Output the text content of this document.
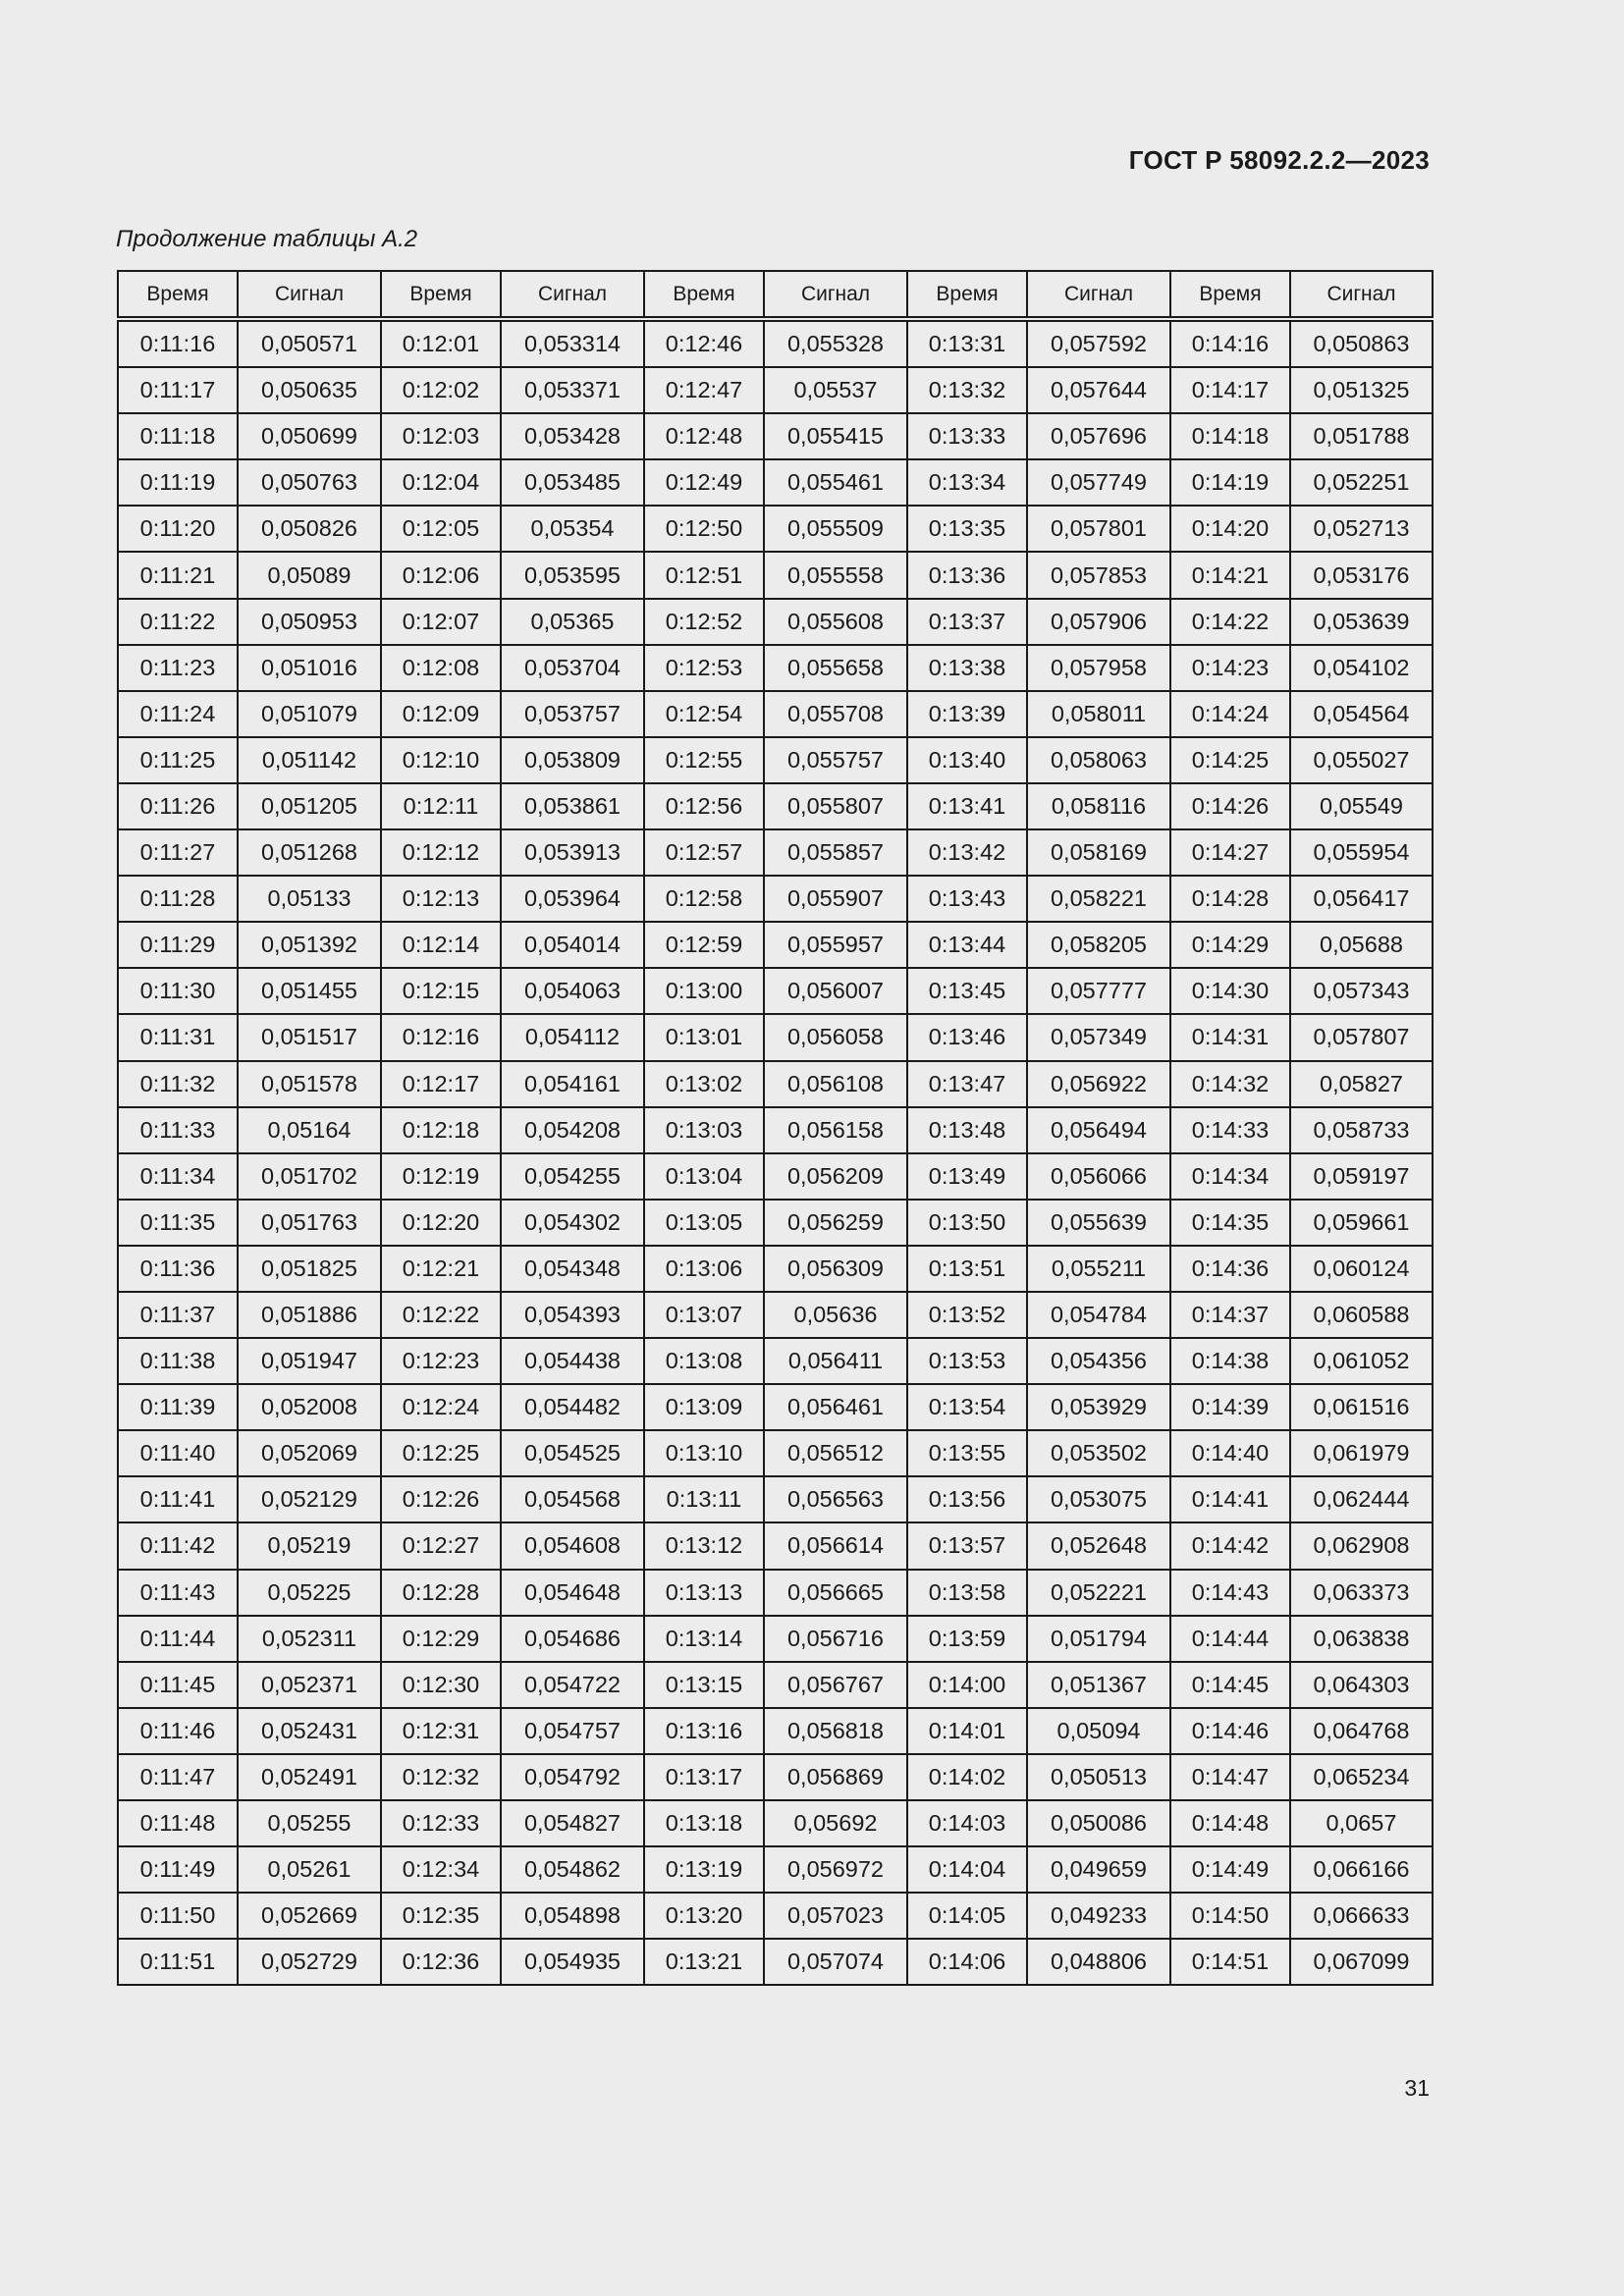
ГОСТ Р 58092.2.2—2023
Продолжение таблицы А.2
Время	Сигнал	Время	Сигнал	Время	Сигнал	Время	Сигнал	Время	Сигнал
0:11:16	0,050571	0:12:01	0,053314	0:12:46	0,055328	0:13:31	0,057592	0:14:16	0,050863
0:11:17	0,050635	0:12:02	0,053371	0:12:47	0,05537	0:13:32	0,057644	0:14:17	0,051325
0:11:18	0,050699	0:12:03	0,053428	0:12:48	0,055415	0:13:33	0,057696	0:14:18	0,051788
0:11:19	0,050763	0:12:04	0,053485	0:12:49	0,055461	0:13:34	0,057749	0:14:19	0,052251
0:11:20	0,050826	0:12:05	0,05354	0:12:50	0,055509	0:13:35	0,057801	0:14:20	0,052713
0:11:21	0,05089	0:12:06	0,053595	0:12:51	0,055558	0:13:36	0,057853	0:14:21	0,053176
0:11:22	0,050953	0:12:07	0,05365	0:12:52	0,055608	0:13:37	0,057906	0:14:22	0,053639
0:11:23	0,051016	0:12:08	0,053704	0:12:53	0,055658	0:13:38	0,057958	0:14:23	0,054102
0:11:24	0,051079	0:12:09	0,053757	0:12:54	0,055708	0:13:39	0,058011	0:14:24	0,054564
0:11:25	0,051142	0:12:10	0,053809	0:12:55	0,055757	0:13:40	0,058063	0:14:25	0,055027
0:11:26	0,051205	0:12:11	0,053861	0:12:56	0,055807	0:13:41	0,058116	0:14:26	0,05549
0:11:27	0,051268	0:12:12	0,053913	0:12:57	0,055857	0:13:42	0,058169	0:14:27	0,055954
0:11:28	0,05133	0:12:13	0,053964	0:12:58	0,055907	0:13:43	0,058221	0:14:28	0,056417
0:11:29	0,051392	0:12:14	0,054014	0:12:59	0,055957	0:13:44	0,058205	0:14:29	0,05688
0:11:30	0,051455	0:12:15	0,054063	0:13:00	0,056007	0:13:45	0,057777	0:14:30	0,057343
0:11:31	0,051517	0:12:16	0,054112	0:13:01	0,056058	0:13:46	0,057349	0:14:31	0,057807
0:11:32	0,051578	0:12:17	0,054161	0:13:02	0,056108	0:13:47	0,056922	0:14:32	0,05827
0:11:33	0,05164	0:12:18	0,054208	0:13:03	0,056158	0:13:48	0,056494	0:14:33	0,058733
0:11:34	0,051702	0:12:19	0,054255	0:13:04	0,056209	0:13:49	0,056066	0:14:34	0,059197
0:11:35	0,051763	0:12:20	0,054302	0:13:05	0,056259	0:13:50	0,055639	0:14:35	0,059661
0:11:36	0,051825	0:12:21	0,054348	0:13:06	0,056309	0:13:51	0,055211	0:14:36	0,060124
0:11:37	0,051886	0:12:22	0,054393	0:13:07	0,05636	0:13:52	0,054784	0:14:37	0,060588
0:11:38	0,051947	0:12:23	0,054438	0:13:08	0,056411	0:13:53	0,054356	0:14:38	0,061052
0:11:39	0,052008	0:12:24	0,054482	0:13:09	0,056461	0:13:54	0,053929	0:14:39	0,061516
0:11:40	0,052069	0:12:25	0,054525	0:13:10	0,056512	0:13:55	0,053502	0:14:40	0,061979
0:11:41	0,052129	0:12:26	0,054568	0:13:11	0,056563	0:13:56	0,053075	0:14:41	0,062444
0:11:42	0,05219	0:12:27	0,054608	0:13:12	0,056614	0:13:57	0,052648	0:14:42	0,062908
0:11:43	0,05225	0:12:28	0,054648	0:13:13	0,056665	0:13:58	0,052221	0:14:43	0,063373
0:11:44	0,052311	0:12:29	0,054686	0:13:14	0,056716	0:13:59	0,051794	0:14:44	0,063838
0:11:45	0,052371	0:12:30	0,054722	0:13:15	0,056767	0:14:00	0,051367	0:14:45	0,064303
0:11:46	0,052431	0:12:31	0,054757	0:13:16	0,056818	0:14:01	0,05094	0:14:46	0,064768
0:11:47	0,052491	0:12:32	0,054792	0:13:17	0,056869	0:14:02	0,050513	0:14:47	0,065234
0:11:48	0,05255	0:12:33	0,054827	0:13:18	0,05692	0:14:03	0,050086	0:14:48	0,0657
0:11:49	0,05261	0:12:34	0,054862	0:13:19	0,056972	0:14:04	0,049659	0:14:49	0,066166
0:11:50	0,052669	0:12:35	0,054898	0:13:20	0,057023	0:14:05	0,049233	0:14:50	0,066633
0:11:51	0,052729	0:12:36	0,054935	0:13:21	0,057074	0:14:06	0,048806	0:14:51	0,067099
31
